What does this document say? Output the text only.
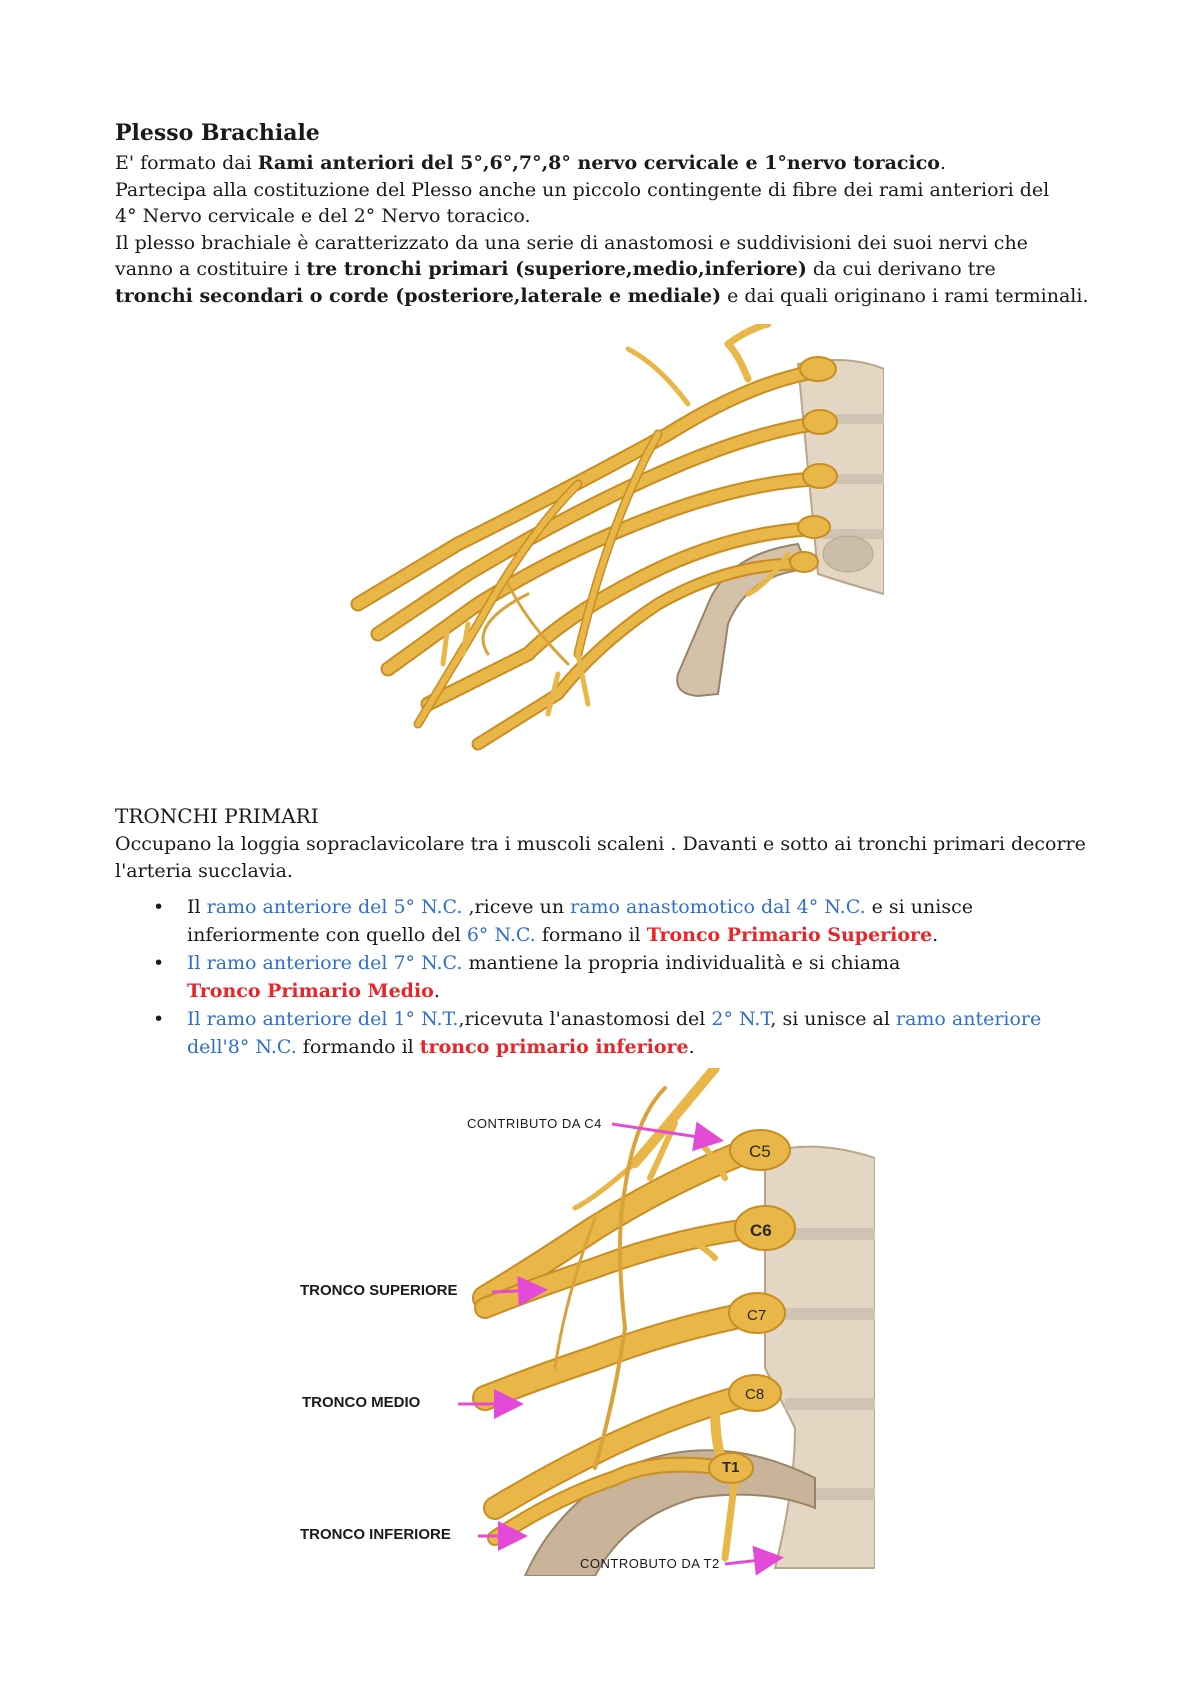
Plesso Brachiale
E' formato dai Rami anteriori del 5°,6°,7°,8° nervo cervicale e 1°nervo toracico.
Partecipa alla costituzione del Plesso anche un piccolo contingente di fibre dei rami anteriori del
4° Nervo cervicale e del 2° Nervo toracico.
Il plesso brachiale è caratterizzato da una serie di anastomosi e suddivisioni dei suoi nervi che
vanno a costituire i tre tronchi primari (superiore,medio,inferiore) da cui derivano tre
tronchi secondari o corde (posteriore,laterale e mediale) e dai quali originano i rami terminali.
TRONCHI PRIMARI
Occupano la loggia sopraclavicolare tra i muscoli scaleni . Davanti e sotto ai tronchi primari decorre
l'arteria succlavia.
• Il ramo anteriore del 5° N.C. ,riceve un ramo anastomotico dal 4° N.C. e si unisce
inferiormente con quello del 6° N.C. formano il Tronco Primario Superiore.
• Il ramo anteriore del 7° N.C. mantiene la propria individualità e si chiama
Tronco Primario Medio.
• Il ramo anteriore del 1° N.T.,ricevuta l'anastomosi del 2° N.T, si unisce al ramo anteriore
dell'8° N.C. formando il tronco primario inferiore.
C5
C6
C7
C8
T1
CONTRIBUTO DA C4
TRONCO SUPERIORE
TRONCO MEDIO
TRONCO INFERIORE
CONTROBUTO DA T2
